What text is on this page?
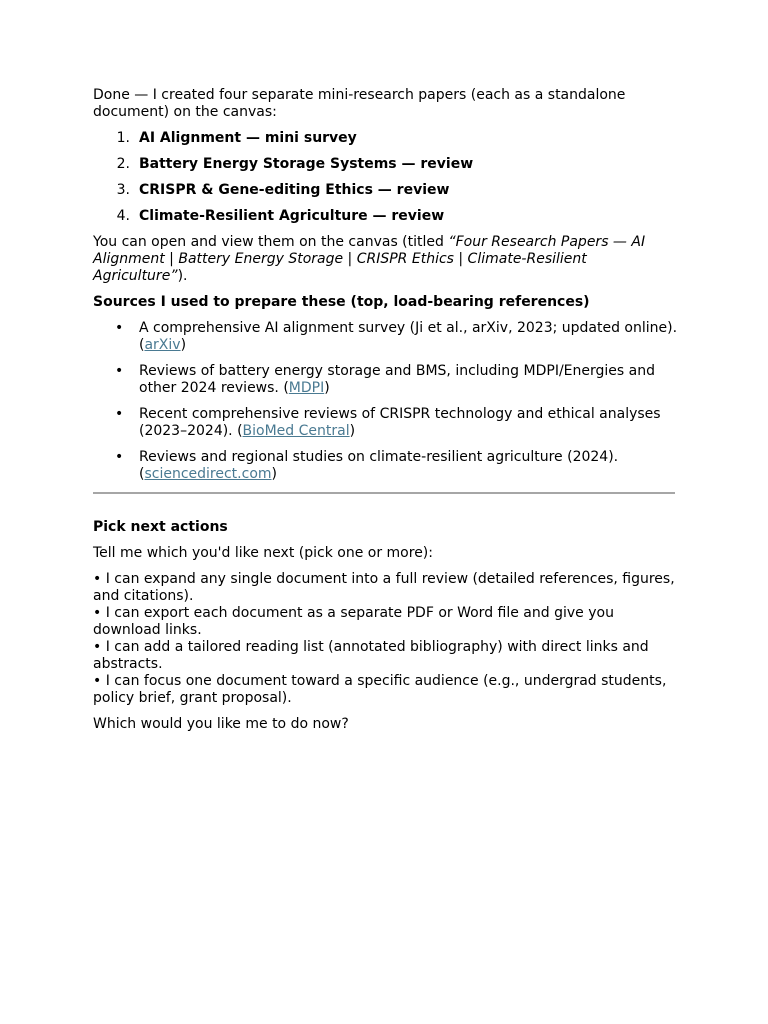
Done — I created four separate mini-research papers (each as a standalone document) on the canvas:

1. AI Alignment — mini survey
2. Battery Energy Storage Systems — review
3. CRISPR & Gene-editing Ethics — review
4. Climate-Resilient Agriculture — review

You can open and view them on the canvas (titled “Four Research Papers — AI Alignment | Battery Energy Storage | CRISPR Ethics | Climate-Resilient Agriculture”).

Sources I used to prepare these (top, load-bearing references)

• A comprehensive AI alignment survey (Ji et al., arXiv, 2023; updated online). (arXiv)
• Reviews of battery energy storage and BMS, including MDPI/Energies and other 2024 reviews. (MDPI)
• Recent comprehensive reviews of CRISPR technology and ethical analyses (2023–2024). (BioMed Central)
• Reviews and regional studies on climate-resilient agriculture (2024). (sciencedirect.com)

Pick next actions

Tell me which you'd like next (pick one or more):

• I can expand any single document into a full review (detailed references, figures, and citations).
• I can export each document as a separate PDF or Word file and give you download links.
• I can add a tailored reading list (annotated bibliography) with direct links and abstracts.
• I can focus one document toward a specific audience (e.g., undergrad students, policy brief, grant proposal).

Which would you like me to do now?
